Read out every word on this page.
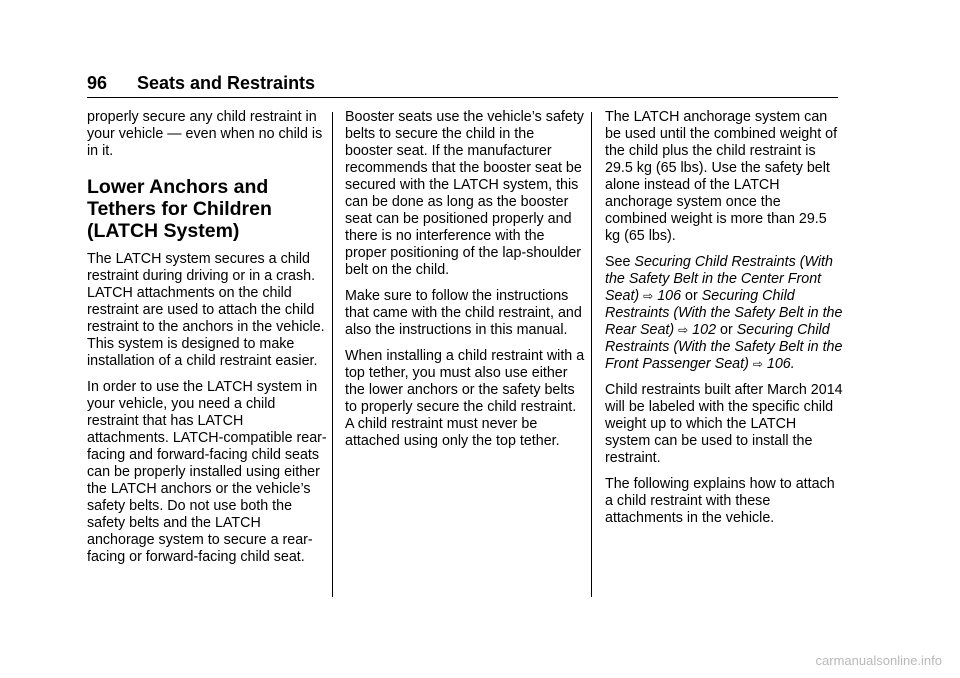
96 Seats and Restraints

properly secure any child restraint in your vehicle — even when no child is in it.

Lower Anchors and
Tethers for Children
(LATCH System)

The LATCH system secures a child restraint during driving or in a crash. LATCH attachments on the child restraint are used to attach the child restraint to the anchors in the vehicle. This system is designed to make installation of a child restraint easier.

In order to use the LATCH system in your vehicle, you need a child restraint that has LATCH attachments. LATCH-compatible rear-facing and forward-facing child seats can be properly installed using either the LATCH anchors or the vehicle’s safety belts. Do not use both the safety belts and the LATCH anchorage system to secure a rear-facing or forward-facing child seat.

Booster seats use the vehicle’s safety belts to secure the child in the booster seat. If the manufacturer recommends that the booster seat be secured with the LATCH system, this can be done as long as the booster seat can be positioned properly and there is no interference with the proper positioning of the lap-shoulder belt on the child.

Make sure to follow the instructions that came with the child restraint, and also the instructions in this manual.

When installing a child restraint with a top tether, you must also use either the lower anchors or the safety belts to properly secure the child restraint. A child restraint must never be attached using only the top tether.

The LATCH anchorage system can be used until the combined weight of the child plus the child restraint is 29.5 kg (65 lbs). Use the safety belt alone instead of the LATCH anchorage system once the combined weight is more than 29.5 kg (65 lbs).

See Securing Child Restraints (With the Safety Belt in the Center Front Seat) ⇨ 106 or Securing Child Restraints (With the Safety Belt in the Rear Seat) ⇨ 102 or Securing Child Restraints (With the Safety Belt in the Front Passenger Seat) ⇨ 106.

Child restraints built after March 2014 will be labeled with the specific child weight up to which the LATCH system can be used to install the restraint.

The following explains how to attach a child restraint with these attachments in the vehicle.

carmanualsonline.info
